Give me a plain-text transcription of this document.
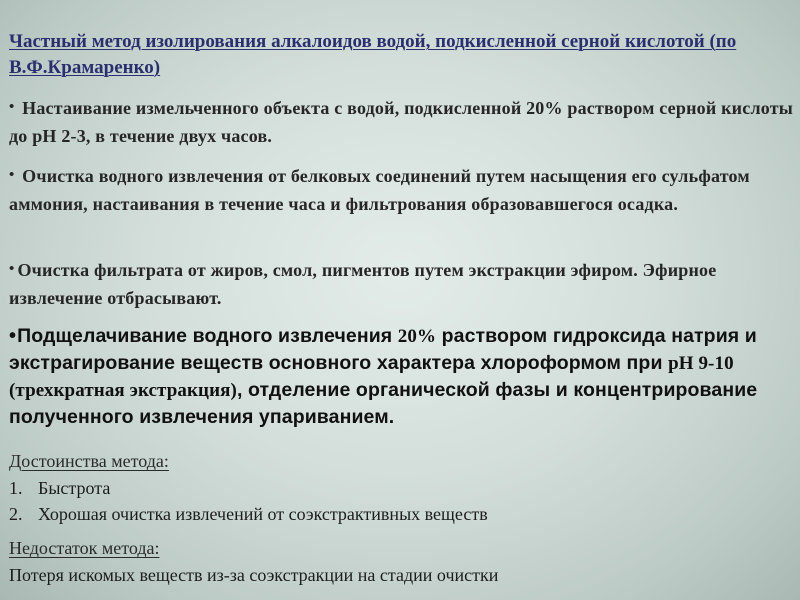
Частный метод изолирования алкалоидов водой, подкисленной серной кислотой (по В.Ф.Крамаренко)

• Настаивание измельченного объекта с водой, подкисленной 20% раствором серной кислоты до рН 2-3, в течение двух часов.

• Очистка водного извлечения от белковых соединений путем насыщения его сульфатом аммония, настаивания в течение часа и фильтрования образовавшегося осадка.

• Очистка фильтрата от жиров, смол, пигментов путем экстракции эфиром. Эфирное извлечение отбрасывают.

•Подщелачивание водного извлечения 20% раствором гидроксида натрия и экстрагирование веществ основного характера хлороформом при рН 9-10 (трехкратная экстракция), отделение органической фазы и концентрирование полученного извлечения упариванием.

Достоинства метода:

1. Быстрота

2. Хорошая очистка извлечений от соэкстрактивных веществ

Недостаток метода:

Потеря искомых веществ из-за соэкстракции на стадии очистки
